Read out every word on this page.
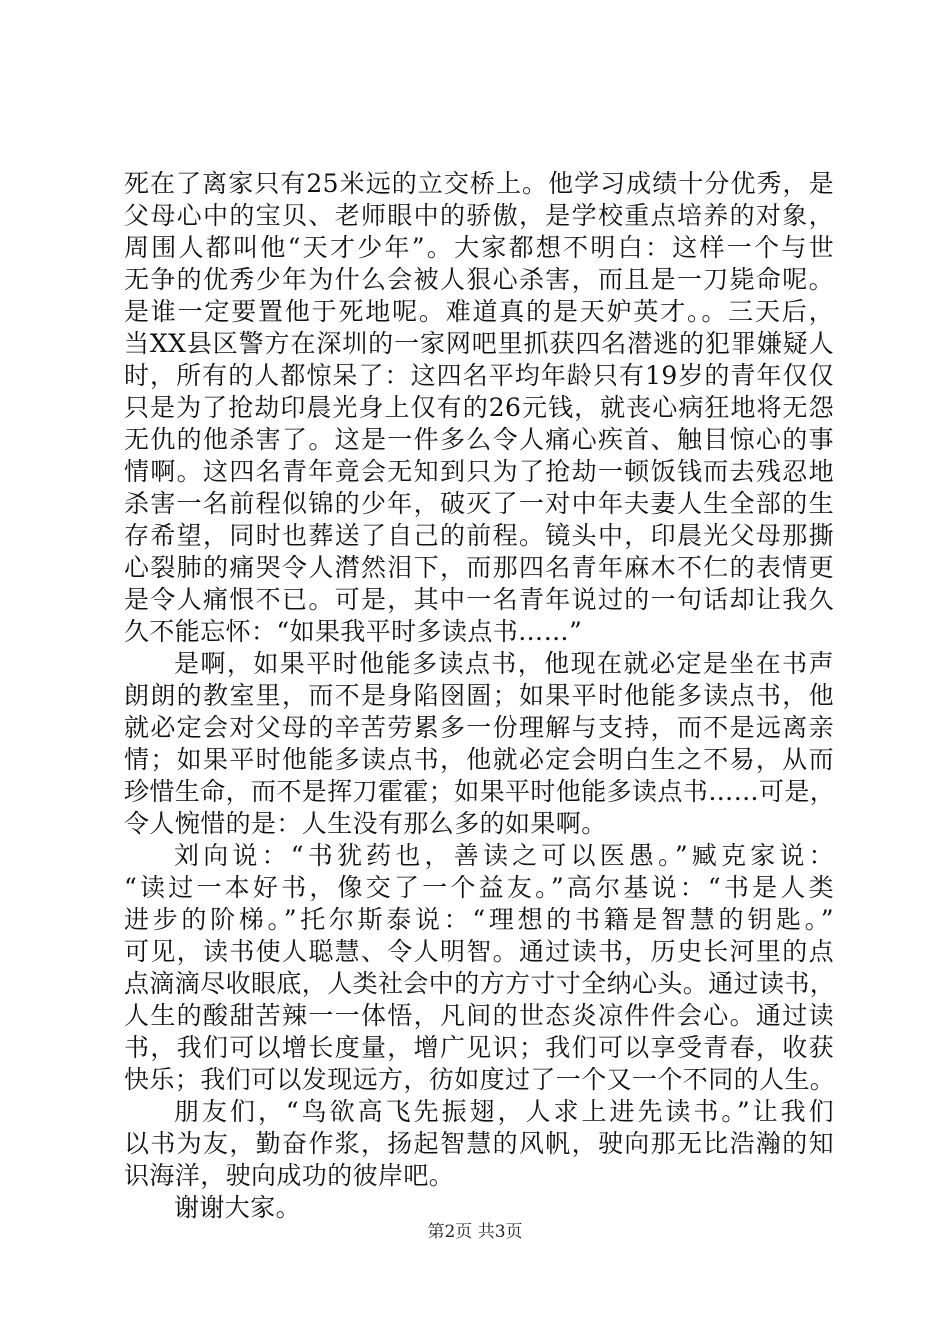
死在了离家只有25米远的立交桥上。他学习成绩十分优秀，是
父母心中的宝贝、老师眼中的骄傲，是学校重点培养的对象，
周围人都叫他“天才少年”。大家都想不明白：这样一个与世
无争的优秀少年为什么会被人狠心杀害，而且是一刀毙命呢。
是谁一定要置他于死地呢。难道真的是天妒英才。。三天后，
当XX县区警方在深圳的一家网吧里抓获四名潜逃的犯罪嫌疑人
时，所有的人都惊呆了：这四名平均年龄只有19岁的青年仅仅
只是为了抢劫印晨光身上仅有的26元钱，就丧心病狂地将无怨
无仇的他杀害了。这是一件多么令人痛心疾首、触目惊心的事
情啊。这四名青年竟会无知到只为了抢劫一顿饭钱而去残忍地
杀害一名前程似锦的少年，破灭了一对中年夫妻人生全部的生
存希望，同时也葬送了自己的前程。镜头中，印晨光父母那撕
心裂肺的痛哭令人潸然泪下，而那四名青年麻木不仁的表情更
是令人痛恨不已。可是，其中一名青年说过的一句话却让我久
久不能忘怀：“如果我平时多读点书……”
是啊，如果平时他能多读点书，他现在就必定是坐在书声
朗朗的教室里，而不是身陷囹圄；如果平时他能多读点书，他
就必定会对父母的辛苦劳累多一份理解与支持，而不是远离亲
情；如果平时他能多读点书，他就必定会明白生之不易，从而
珍惜生命，而不是挥刀霍霍；如果平时他能多读点书……可是，
令人惋惜的是：人生没有那么多的如果啊。
刘向说：“书犹药也，善读之可以医愚。”臧克家说：
“读过一本好书，像交了一个益友。”高尔基说：“书是人类
进步的阶梯。”托尔斯泰说：“理想的书籍是智慧的钥匙。”
可见，读书使人聪慧、令人明智。通过读书，历史长河里的点
点滴滴尽收眼底，人类社会中的方方寸寸全纳心头。通过读书，
人生的酸甜苦辣一一体悟，凡间的世态炎凉件件会心。通过读
书，我们可以增长度量，增广见识；我们可以享受青春，收获
快乐；我们可以发现远方，彷如度过了一个又一个不同的人生。
朋友们，“鸟欲高飞先振翅，人求上进先读书。”让我们
以书为友，勤奋作浆，扬起智慧的风帆，驶向那无比浩瀚的知
识海洋，驶向成功的彼岸吧。
谢谢大家。
第2页 共3页
